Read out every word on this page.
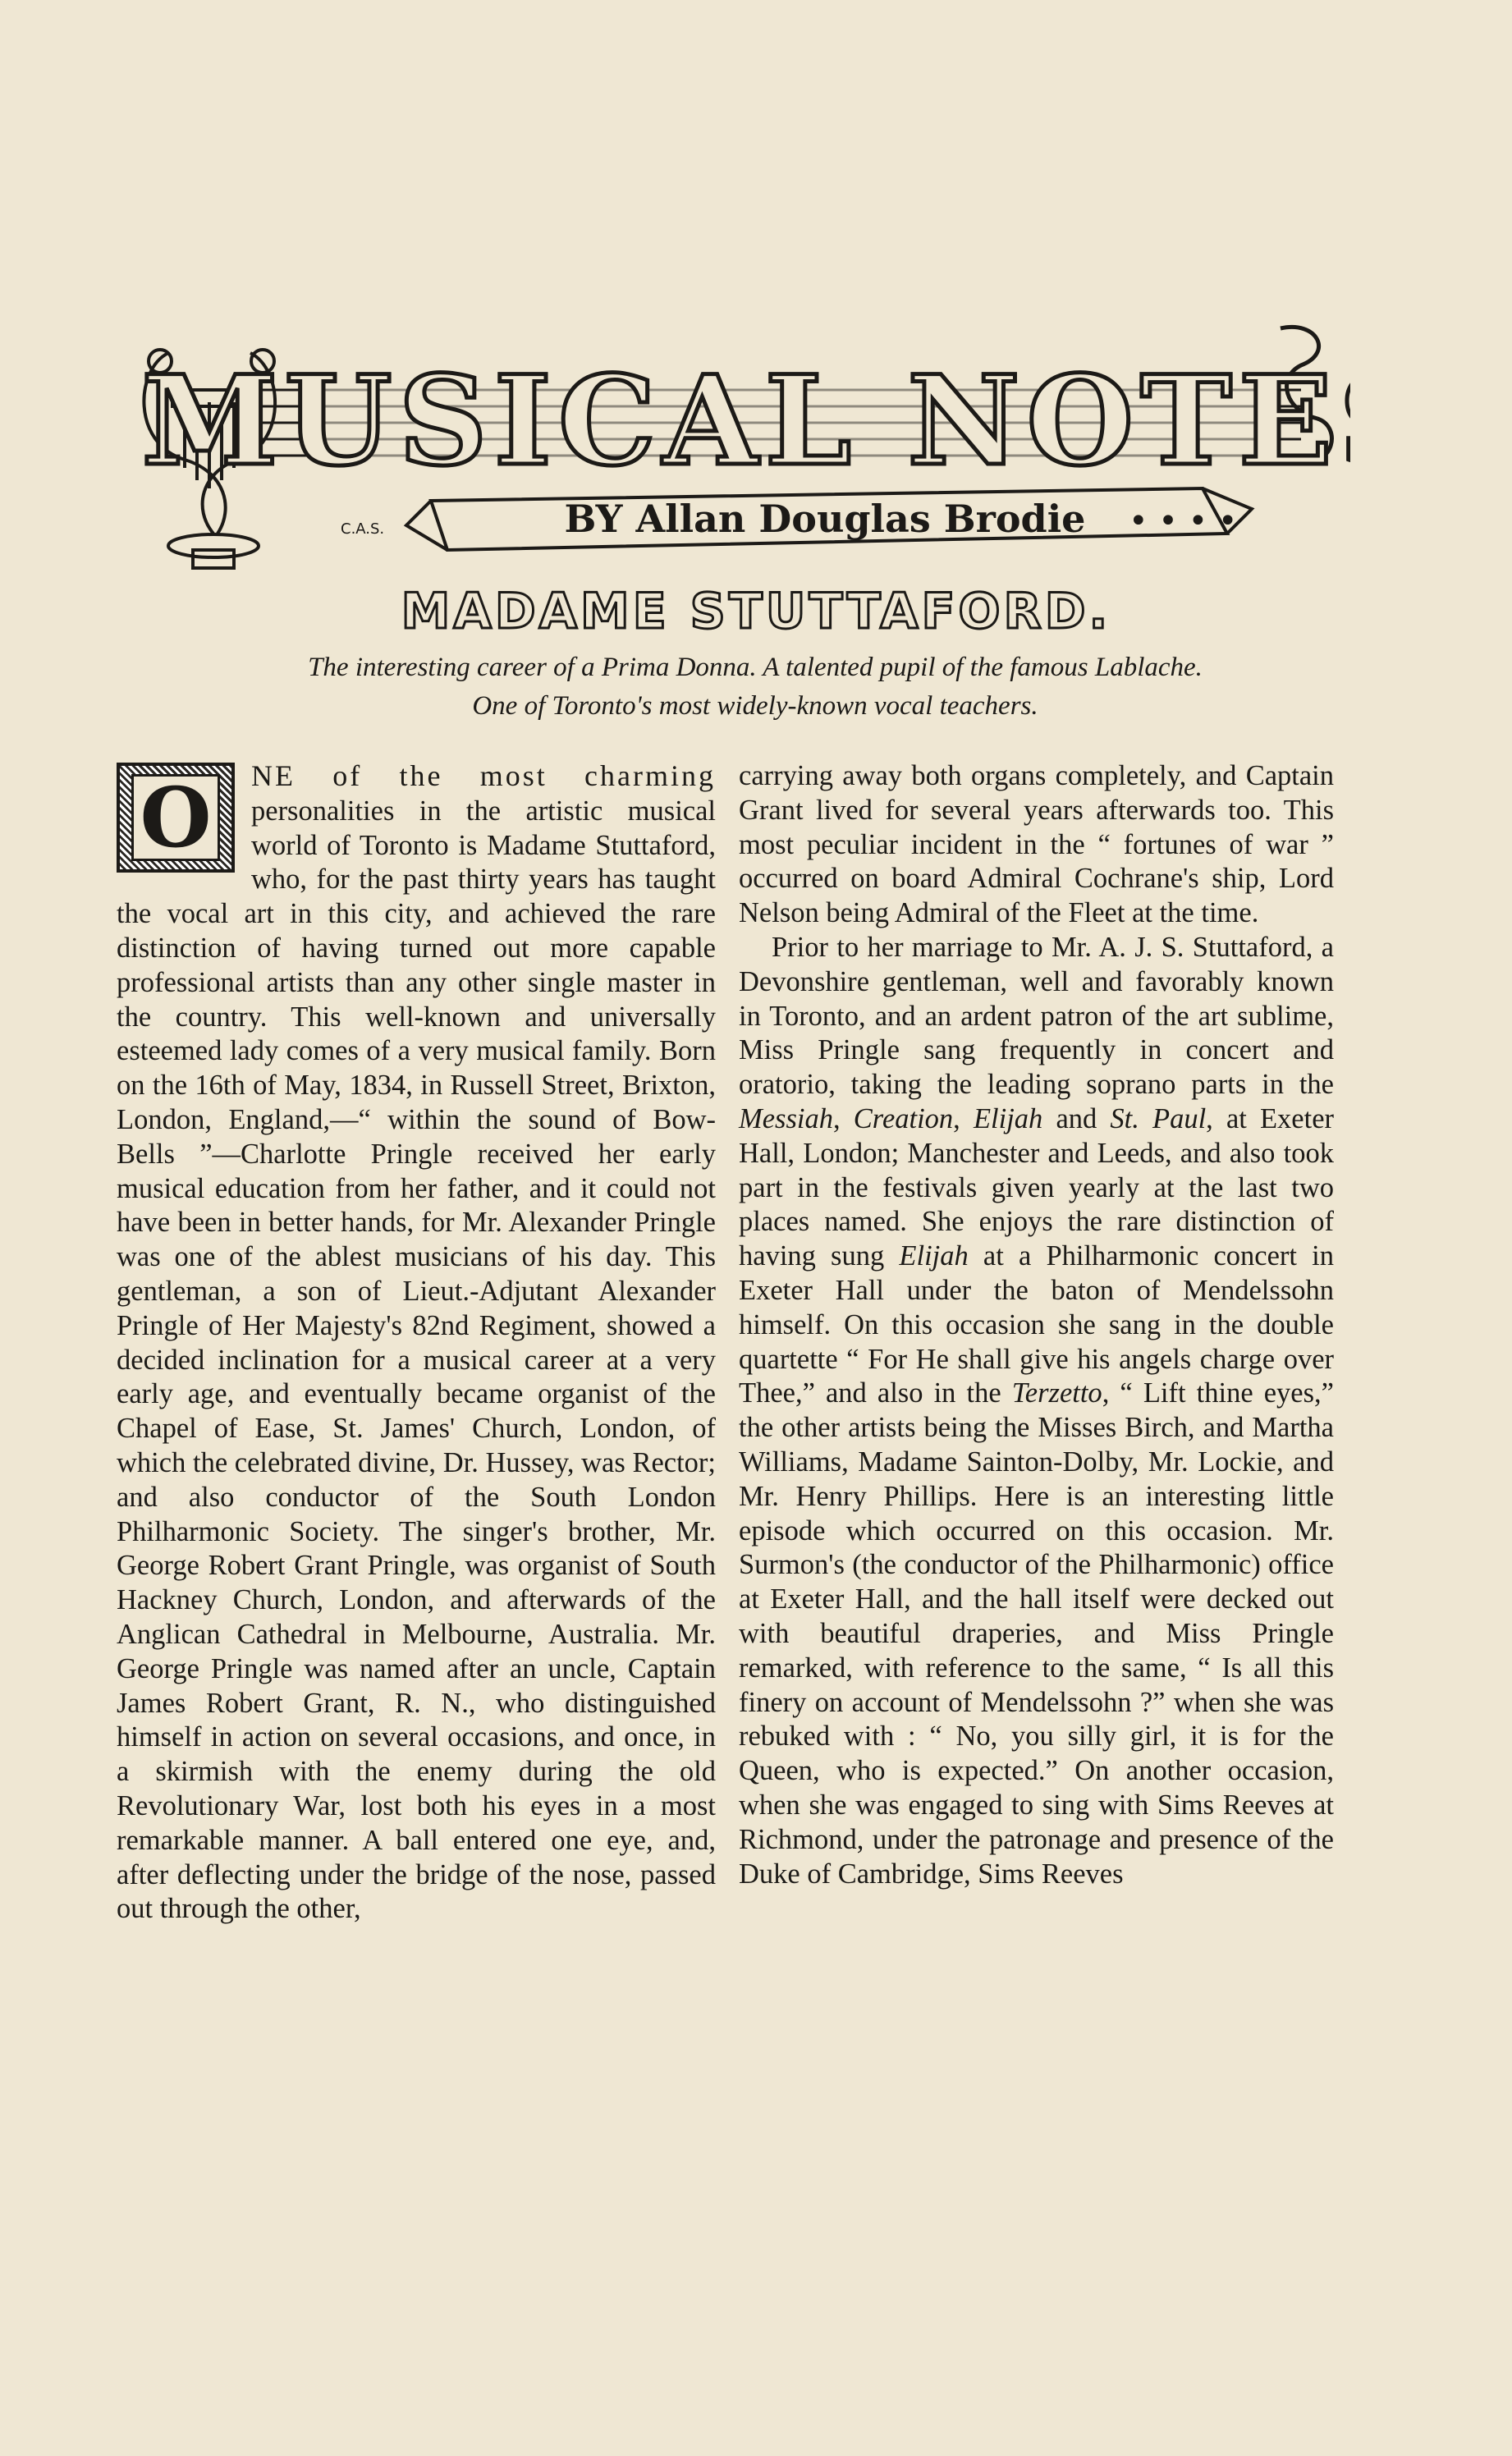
MUSICAL NOTES
BY Allan Douglas Brodie
C.A.S.	• • • •
MADAME STUTTAFORD.
The interesting career of a Prima Donna. A talented pupil of the famous Lablache.
One of Toronto's most widely-known vocal teachers.
O	NE of the most charming personalities in the artistic musical world of Toronto is Madame Stuttaford, who, for the past thirty years has taught the vocal art in this city, and achieved the rare distinction of having turned out more capable professional artists than any other single master in the country. This well-known and universally esteemed lady comes of a very musical family. Born on the 16th of May, 1834, in Russell Street, Brixton, London, England,—“ within the sound of Bow-Bells ”—Charlotte Pringle received her early musical education from her father, and it could not have been in better hands, for Mr. Alexander Pringle was one of the ablest musicians of his day. This gentleman, a son of Lieut.-Adjutant Alexander Pringle of Her Majesty's 82nd Regiment, showed a decided inclination for a musical career at a very early age, and eventually became organist of the Chapel of Ease, St. James' Church, London, of which the celebrated divine, Dr. Hussey, was Rector; and also conductor of the South London Philharmonic Society. The singer's brother, Mr. George Robert Grant Pringle, was organist of South Hackney Church, London, and afterwards of the Anglican Cathedral in Melbourne, Australia. Mr. George Pringle was named after an uncle, Captain James Robert Grant, R. N., who distinguished himself in action on several occasions, and once, in a skirmish with the enemy during the old Revolutionary War, lost both his eyes in a most remarkable manner. A ball entered one eye, and, after deflecting under the bridge of the nose, passed out through the other,

carrying away both organs completely, and Captain Grant lived for several years afterwards too. This most peculiar incident in the “ fortunes of war ” occurred on board Admiral Cochrane's ship, Lord Nelson being Admiral of the Fleet at the time.

Prior to her marriage to Mr. A. J. S. Stuttaford, a Devonshire gentleman, well and favorably known in Toronto, and an ardent patron of the art sublime, Miss Pringle sang frequently in concert and oratorio, taking the leading soprano parts in the Messiah, Creation, Elijah and St. Paul, at Exeter Hall, London; Manchester and Leeds, and also took part in the festivals given yearly at the last two places named. She enjoys the rare distinction of having sung Elijah at a Philharmonic concert in Exeter Hall under the baton of Mendelssohn himself. On this occasion she sang in the double quartette “ For He shall give his angels charge over Thee,” and also in the Terzetto, “ Lift thine eyes,” the other artists being the Misses Birch, and Martha Williams, Madame Sainton-Dolby, Mr. Lockie, and Mr. Henry Phillips. Here is an interesting little episode which occurred on this occasion. Mr. Surmon's (the conductor of the Philharmonic) office at Exeter Hall, and the hall itself were decked out with beautiful draperies, and Miss Pringle remarked, with reference to the same, “ Is all this finery on account of Mendelssohn ?” when she was rebuked with : “ No, you silly girl, it is for the Queen, who is expected.” On another occasion, when she was engaged to sing with Sims Reeves at Richmond, under the patronage and presence of the Duke of Cambridge, Sims Reeves
